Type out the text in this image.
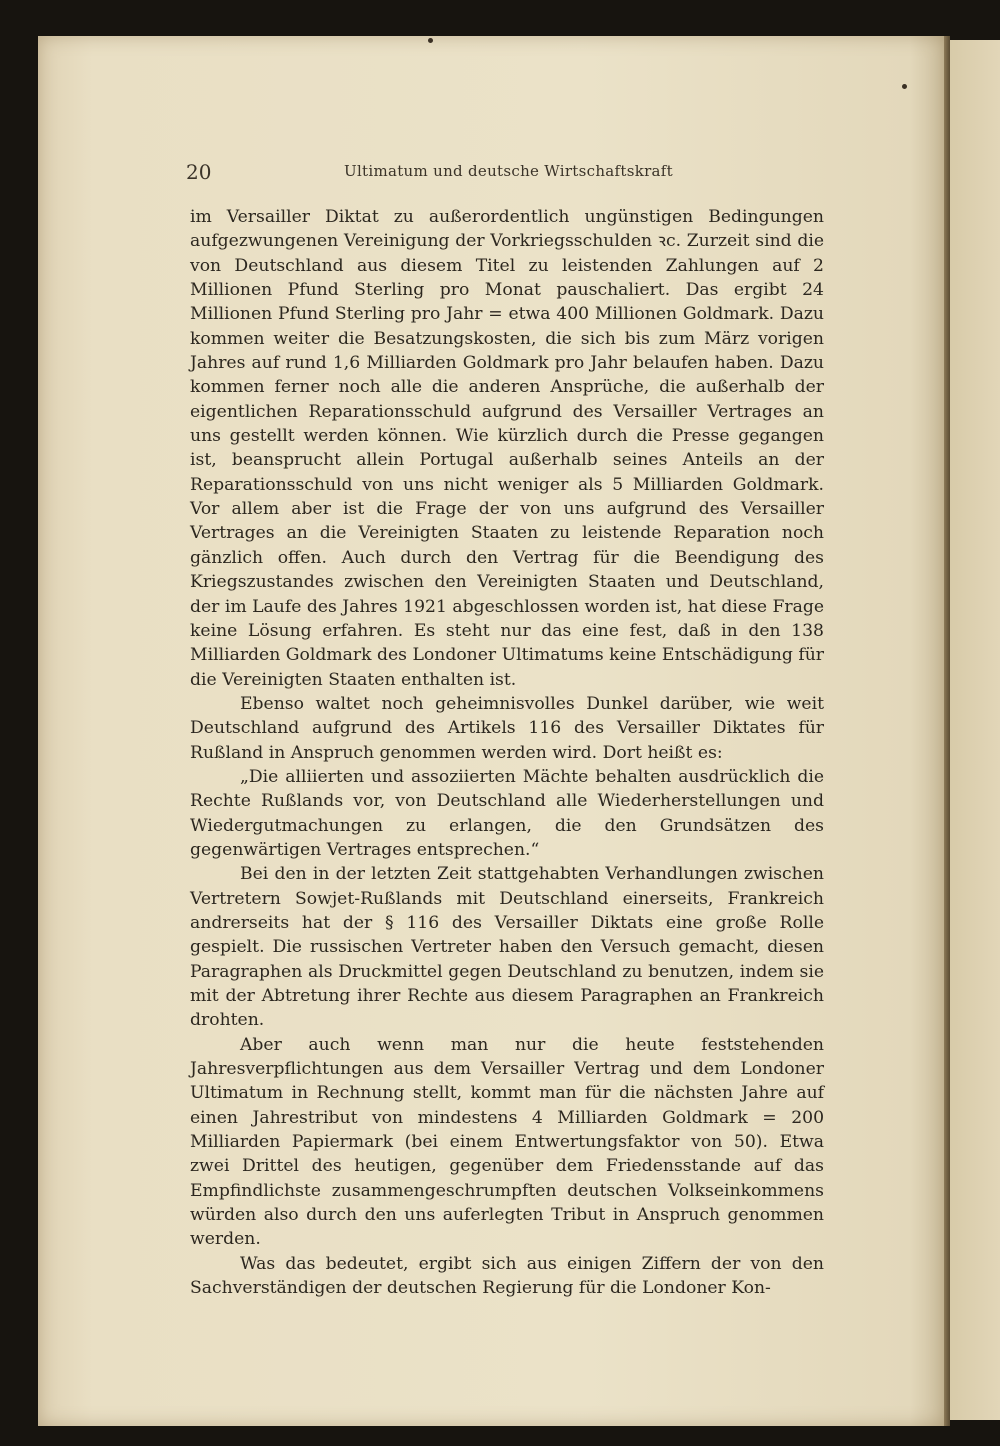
20	Ultimatum und deutsche Wirtschaftskraft

im Versailler Diktat zu außerordentlich ungünstigen Bedingungen aufgezwungenen Vereinigung der Vorkriegsschulden ꝛc. Zurzeit sind die von Deutschland aus diesem Titel zu leistenden Zahlungen auf 2 Millionen Pfund Sterling pro Monat pauschaliert. Das ergibt 24 Millionen Pfund Sterling pro Jahr = etwa 400 Millionen Goldmark. Dazu kommen weiter die Besatzungskosten, die sich bis zum März vorigen Jahres auf rund 1,6 Milliarden Goldmark pro Jahr belaufen haben. Dazu kommen ferner noch alle die anderen Ansprüche, die außerhalb der eigentlichen Reparationsschuld aufgrund des Versailler Vertrages an uns gestellt werden können. Wie kürzlich durch die Presse gegangen ist, beansprucht allein Portugal außerhalb seines Anteils an der Reparationsschuld von uns nicht weniger als 5 Milliarden Goldmark. Vor allem aber ist die Frage der von uns aufgrund des Versailler Vertrages an die Vereinigten Staaten zu leistende Reparation noch gänzlich offen. Auch durch den Vertrag für die Beendigung des Kriegszustandes zwischen den Vereinigten Staaten und Deutschland, der im Laufe des Jahres 1921 abgeschlossen worden ist, hat diese Frage keine Lösung erfahren. Es steht nur das eine fest, daß in den 138 Milliarden Goldmark des Londoner Ultimatums keine Entschädigung für die Vereinigten Staaten enthalten ist.

Ebenso waltet noch geheimnisvolles Dunkel darüber, wie weit Deutschland aufgrund des Artikels 116 des Versailler Diktates für Rußland in Anspruch genommen werden wird. Dort heißt es:

„Die alliierten und assoziierten Mächte behalten ausdrücklich die Rechte Rußlands vor, von Deutschland alle Wiederherstellungen und Wiedergutmachungen zu erlangen, die den Grundsätzen des gegenwärtigen Vertrages entsprechen.“

Bei den in der letzten Zeit stattgehabten Verhandlungen zwischen Vertretern Sowjet-Rußlands mit Deutschland einerseits, Frankreich andrerseits hat der § 116 des Versailler Diktats eine große Rolle gespielt. Die russischen Vertreter haben den Versuch gemacht, diesen Paragraphen als Druckmittel gegen Deutschland zu benutzen, indem sie mit der Abtretung ihrer Rechte aus diesem Paragraphen an Frankreich drohten.

Aber auch wenn man nur die heute feststehenden Jahresverpflichtungen aus dem Versailler Vertrag und dem Londoner Ultimatum in Rechnung stellt, kommt man für die nächsten Jahre auf einen Jahrestribut von mindestens 4 Milliarden Goldmark = 200 Milliarden Papiermark (bei einem Entwertungsfaktor von 50). Etwa zwei Drittel des heutigen, gegenüber dem Friedensstande auf das Empfindlichste zusammengeschrumpften deutschen Volkseinkommens würden also durch den uns auferlegten Tribut in Anspruch genommen werden.

Was das bedeutet, ergibt sich aus einigen Ziffern der von den Sachverständigen der deutschen Regierung für die Londoner Kon-
